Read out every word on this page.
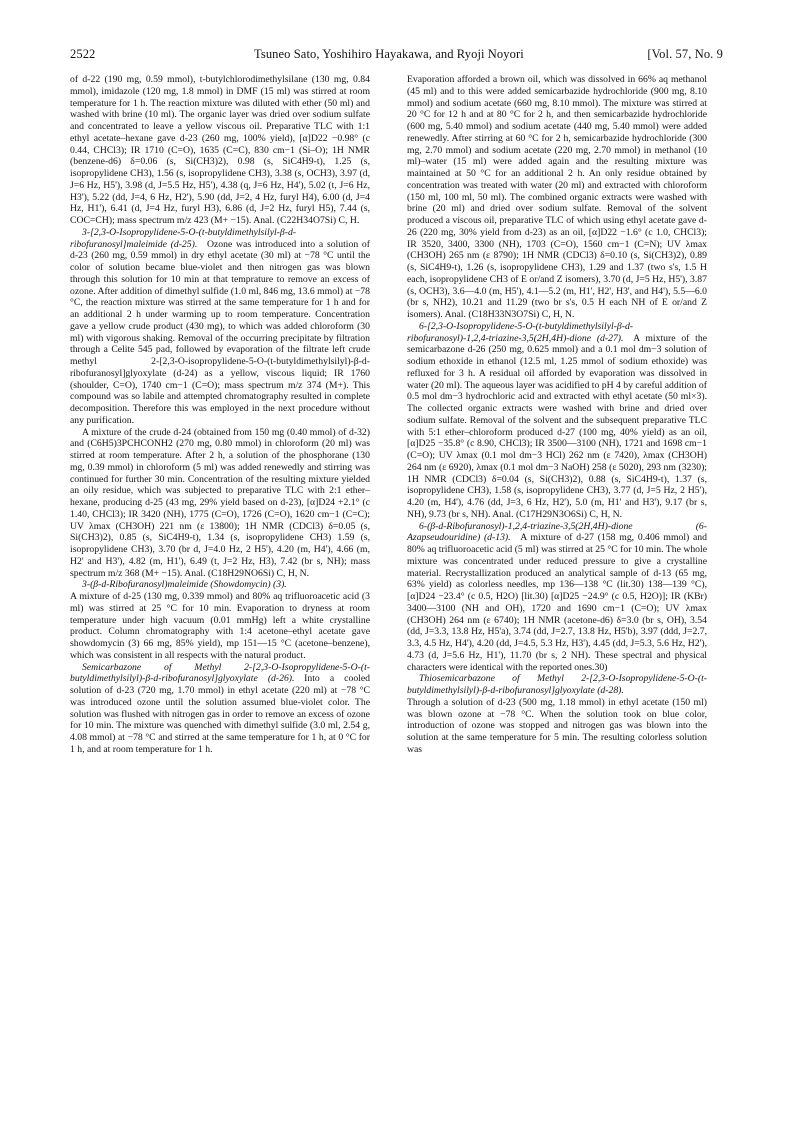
2522	Tsuneo Sato, Yoshihiro Hayakawa, and Ryoji Noyori	[Vol. 57, No. 9

of d-22 (190 mg, 0.59 mmol), t-butylchlorodimethylsilane (130 mg, 0.84 mmol), imidazole (120 mg, 1.8 mmol) in DMF (15 ml) was stirred at room temperature for 1 h. The reaction mixture was diluted with ether (50 ml) and washed with brine (10 ml). The organic layer was dried over sodium sulfate and concentrated to leave a yellow viscous oil. Preparative TLC with 1:1 ethyl acetate–hexane gave d-23 (260 mg, 100% yield), [α]D22 −0.98° (c 0.44, CHCl3); IR 1710 (C=O), 1635 (C=C), 830 cm−1 (Si–O); 1H NMR (benzene-d6) δ=0.06 (s, Si(CH3)2), 0.98 (s, SiC4H9-t), 1.25 (s, isopropylidene CH3), 1.56 (s, isopropylidene CH3), 3.38 (s, OCH3), 3.97 (d, J=6 Hz, H5'), 3.98 (d, J=5.5 Hz, H5'), 4.38 (q, J=6 Hz, H4'), 5.02 (t, J=6 Hz, H3'), 5.22 (dd, J=4, 6 Hz, H2'), 5.90 (dd, J=2, 4 Hz, furyl H4), 6.00 (d, J=4 Hz, H1'), 6.41 (d, J=4 Hz, furyl H3), 6.86 (d, J=2 Hz, furyl H5), 7.44 (s, COC=CH); mass spectrum m/z 423 (M+ −15). Anal. (C22H34O7Si) C, H.

3-[2,3-O-Isopropylidene-5-O-(t-butyldimethylsilyl-β-d-ribofuranosyl]maleimide (d-25).  Ozone was introduced into a solution of d-23 (260 mg, 0.59 mmol) in dry ethyl acetate (30 ml) at −78 °C until the color of solution became blue-violet and then nitrogen gas was blown through this solution for 10 min at that temprature to remove an excess of ozone. After addition of dimethyl sulfide (1.0 ml, 846 mg, 13.6 mmol) at −78 °C, the reaction mixture was stirred at the same temperature for 1 h and for an additional 2 h under warming up to room temperature. Concentration gave a yellow crude product (430 mg), to which was added chloroform (30 ml) with vigorous shaking. Removal of the occurring precipitate by filtration through a Celite 545 pad, followed by evaporation of the filtrate left crude methyl 2-[2,3-O-isopropylidene-5-O-(t-butyldimethylsilyl)-β-d-ribofuranosyl]glyoxylate (d-24) as a yellow, viscous liquid; IR 1760 (shoulder, C=O), 1740 cm−1 (C=O); mass spectrum m/z 374 (M+). This compound was so labile and attempted chromatography resulted in complete decomposition. Therefore this was employed in the next procedure without any purification.

A mixture of the crude d-24 (obtained from 150 mg (0.40 mmol) of d-32) and (C6H5)3PCHCONH2 (270 mg, 0.80 mmol) in chloroform (20 ml) was stirred at room temperature. After 2 h, a solution of the phosphorane (130 mg, 0.39 mmol) in chloroform (5 ml) was added renewedly and stirring was continued for further 30 min. Concentration of the resulting mixture yielded an oily residue, which was subjected to preparative TLC with 2:1 ether–hexane, producing d-25 (43 mg, 29% yield based on d-23), [α]D24 +2.1° (c 1.40, CHCl3); IR 3420 (NH), 1775 (C=O), 1726 (C=O), 1620 cm−1 (C=C); UV λmax (CH3OH) 221 nm (ε 13800); 1H NMR (CDCl3) δ=0.05 (s, Si(CH3)2), 0.85 (s, SiC4H9-t), 1.34 (s, isopropylidene CH3) 1.59 (s, isopropylidene CH3), 3.70 (br d, J=4.0 Hz, 2 H5'), 4.20 (m, H4'), 4.66 (m, H2' and H3'), 4.82 (m, H1'), 6.49 (t, J=2 Hz, H3), 7.42 (br s, NH); mass spectrum m/z 368 (M+ −15). Anal. (C18H29NO6Si) C, H, N.

3-(β-d-Ribofuranosyl)maleimide (Showdomycin) (3).

A mixture of d-25 (130 mg, 0.339 mmol) and 80% aq trifluoroacetic acid (3 ml) was stirred at 25 °C for 10 min. Evaporation to dryness at room temperature under high vacuum (0.01 mmHg) left a white crystalline product. Column chromatography with 1:4 acetone–ethyl acetate gave showdomycin (3) 66 mg, 85% yield), mp 151—15 °C (acetone–benzene), which was consistent in all respects with the natural product.

Semicarbazone of Methyl 2-[2,3-O-Isopropylidene-5-O-(t-butyldimethylsilyl)-β-d-ribofuranosyl]glyoxylate (d-26).  Into a cooled solution of d-23 (720 mg, 1.70 mmol) in ethyl acetate (220 ml) at −78 °C was introduced ozone until the solution assumed blue-violet color. The solution was flushed with nitrogen gas in order to remove an excess of ozone for 10 min. The mixture was quenched with dimethyl sulfide (3.0 ml, 2.54 g, 4.08 mmol) at −78 °C and stirred at the same temperature for 1 h, at 0 °C for 1 h, and at room temperature for 1 h.

Evaporation afforded a brown oil, which was dissolved in 66% aq methanol (45 ml) and to this were added semicarbazide hydrochloride (900 mg, 8.10 mmol) and sodium acetate (660 mg, 8.10 mmol). The mixture was stirred at 20 °C for 12 h and at 80 °C for 2 h, and then semicarbazide hydrochloride (600 mg, 5.40 mmol) and sodium acetate (440 mg, 5.40 mmol) were added renewedly. After stirring at 60 °C for 2 h, semicarbazide hydrochloride (300 mg, 2.70 mmol) and sodium acetate (220 mg, 2.70 mmol) in methanol (10 ml)–water (15 ml) were added again and the resulting mixture was maintained at 50 °C for an additional 2 h. An only residue obtained by concentration was treated with water (20 ml) and extracted with chloroform (150 ml, 100 ml, 50 ml). The combined organic extracts were washed with brine (20 ml) and dried over sodium sulfate. Removal of the solvent produced a viscous oil, preparative TLC of which using ethyl acetate gave d-26 (220 mg, 30% yield from d-23) as an oil, [α]D22 −1.6° (c 1.0, CHCl3); IR 3520, 3400, 3300 (NH), 1703 (C=O), 1560 cm−1 (C=N); UV λmax (CH3OH) 265 nm (ε 8790); 1H NMR (CDCl3) δ=0.10 (s, Si(CH3)2), 0.89 (s, SiC4H9-t), 1.26 (s, isopropylidene CH3), 1.29 and 1.37 (two s's, 1.5 H each, isopropylidene CH3 of E or/and Z isomers), 3.70 (d, J=5 Hz, H5'), 3.87 (s, OCH3), 3.6—4.0 (m, H5'), 4.1—5.2 (m, H1', H2', H3', and H4'), 5.5—6.0 (br s, NH2), 10.21 and 11.29 (two br s's, 0.5 H each NH of E or/and Z isomers). Anal. (C18H33N3O7Si) C, H, N.

6-[2,3-O-Isopropylidene-5-O-(t-butyldimethylsilyl-β-d-ribofuranosyl)-1,2,4-triazine-3,5(2H,4H)-dione (d-27).  A mixture of the semicarbazone d-26 (250 mg, 0.625 mmol) and a 0.1 mol dm−3 solution of sodium ethoxide in ethanol (12.5 ml, 1.25 mmol of sodium ethoxide) was refluxed for 3 h. A residual oil afforded by evaporation was dissolved in water (20 ml). The aqueous layer was acidified to pH 4 by careful addition of 0.5 mol dm−3 hydrochloric acid and extracted with ethyl acetate (50 ml×3). The collected organic extracts were washed with brine and dried over sodium sulfate. Removal of the solvent and the subsequent preparative TLC with 5:1 ether–chloroform produced d-27 (100 mg, 40% yield) as an oil, [α]D25 −35.8° (c 8.90, CHCl3); IR 3500—3100 (NH), 1721 and 1698 cm−1 (C=O); UV λmax (0.1 mol dm−3 HCl) 262 nm (ε 7420), λmax (CH3OH) 264 nm (ε 6920), λmax (0.1 mol dm−3 NaOH) 258 (ε 5020), 293 nm (3230); 1H NMR (CDCl3) δ=0.04 (s, Si(CH3)2), 0.88 (s, SiC4H9-t), 1.37 (s, isopropylidene CH3), 1.58 (s, isopropylidene CH3), 3.77 (d, J=5 Hz, 2 H5'), 4.20 (m, H4'), 4.76 (dd, J=3, 6 Hz, H2'), 5.0 (m, H1' and H3'), 9.17 (br s, NH), 9.73 (br s, NH). Anal. (C17H29N3O6Si) C, H, N.

6-(β-d-Ribofuranosyl)-1,2,4-triazine-3,5(2H,4H)-dione (6-Azapseudouridine) (d-13).  A mixture of d-27 (158 mg, 0.406 mmol) and 80% aq trifluoroacetic acid (5 ml) was stirred at 25 °C for 10 min. The whole mixture was concentrated under reduced pressure to give a crystalline material. Recrystallization produced an analytical sample of d-13 (65 mg, 63% yield) as colorless needles, mp 136—138 °C (lit.30) 138—139 °C), [α]D24 −23.4° (c 0.5, H2O) [lit.30) [α]D25 −24.9° (c 0.5, H2O)]; IR (KBr) 3400—3100 (NH and OH), 1720 and 1690 cm−1 (C=O); UV λmax (CH3OH) 264 nm (ε 6740); 1H NMR (acetone-d6) δ=3.0 (br s, OH), 3.54 (dd, J=3.3, 13.8 Hz, H5'a), 3.74 (dd, J=2.7, 13.8 Hz, H5'b), 3.97 (ddd, J=2.7, 3.3, 4.5 Hz, H4'), 4.20 (dd, J=4.5, 5.3 Hz, H3'), 4.45 (dd, J=5.3, 5.6 Hz, H2'), 4.73 (d, J=5.6 Hz, H1'), 11.70 (br s, 2 NH). These spectral and physical characters were identical with the reported ones.30)

Thiosemicarbazone of Methyl 2-[2,3-O-Isopropylidene-5-O-(t-butyldimethylsilyl)-β-d-ribofuranosyl]glyoxylate (d-28).

Through a solution of d-23 (500 mg, 1.18 mmol) in ethyl acetate (150 ml) was blown ozone at −78 °C. When the solution took on blue color, introduction of ozone was stopped and nitrogen gas was blown into the solution at the same temperature for 5 min. The resulting colorless solution was
